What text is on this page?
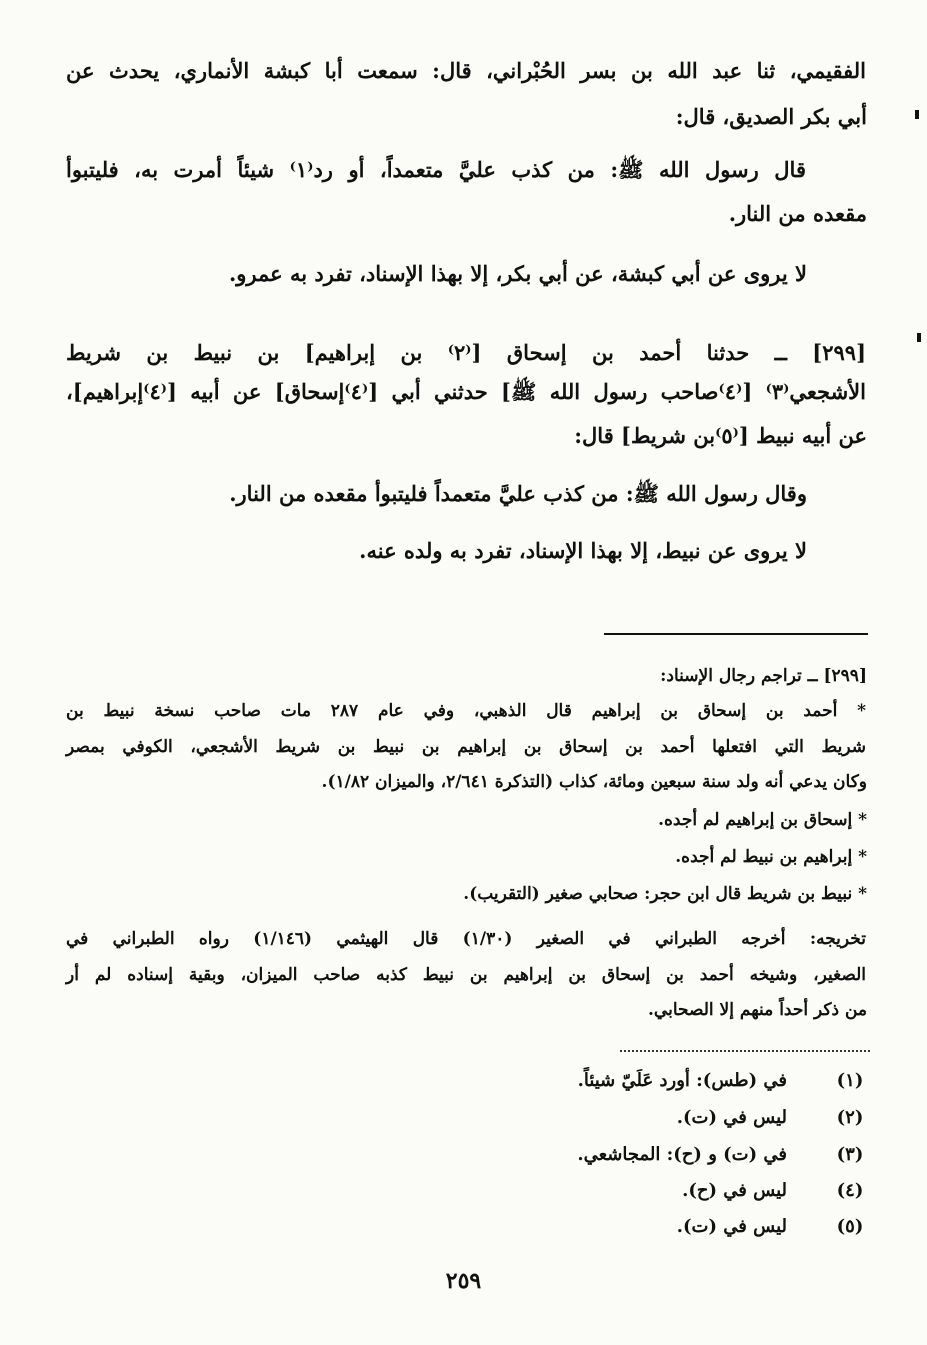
الفقيمي، ثنا عبد الله بن بسر الحُبْراني، قال: سمعت أبا كبشة الأنماري، يحدث عن
أبي بكر الصديق، قال:
قال رسول الله ﷺ: من كذب عليَّ متعمداً، أو رد⁽١⁾ شيئاً أمرت به، فليتبوأ
مقعده من النار.
لا يروى عن أبي كبشة، عن أبي بكر، إلا بهذا الإسناد، تفرد به عمرو.
[٢٩٩] ــ حدثنا أحمد بن إسحاق [⁽٢⁾ بن إبراهيم] بن نبيط بن شريط
الأشجعي⁽٣⁾ [⁽٤⁾صاحب رسول الله ﷺ] حدثني أبي [⁽٤⁾إسحاق] عن أبيه [⁽٤⁾إبراهيم]،
عن أبيه نبيط [⁽٥⁾بن شريط] قال:
وقال رسول الله ﷺ: من كذب عليَّ متعمداً فليتبوأ مقعده من النار.
لا يروى عن نبيط، إلا بهذا الإسناد، تفرد به ولده عنه.
[٢٩٩] ــ تراجم رجال الإسناد:
* أحمد بن إسحاق بن إبراهيم قال الذهبي، وفي عام ٢٨٧ مات صاحب نسخة نبيط بن
شريط التي افتعلها أحمد بن إسحاق بن إبراهيم بن نبيط بن شريط الأشجعي، الكوفي بمصر
وكان يدعي أنه ولد سنة سبعين ومائة، كذاب (التذكرة ٢/٦٤١، والميزان ١/٨٢).
* إسحاق بن إبراهيم لم أجده.
* إبراهيم بن نبيط لم أجده.
* نبيط بن شريط قال ابن حجر: صحابي صغير (التقريب).
تخريجه: أخرجه الطبراني في الصغير (١/٣٠) قال الهيثمي (١/١٤٦) رواه الطبراني في
الصغير، وشيخه أحمد بن إسحاق بن إبراهيم بن نبيط كذبه صاحب الميزان، وبقية إسناده لم أر
من ذكر أحداً منهم إلا الصحابي.
(١)
في (طس): أورد عَلَيّ شيئاً.
(٢)
ليس في (ت).
(٣)
في (ت) و (ح): المجاشعي.
(٤)
ليس في (ح).
(٥)
ليس في (ت).
٢٥٩
